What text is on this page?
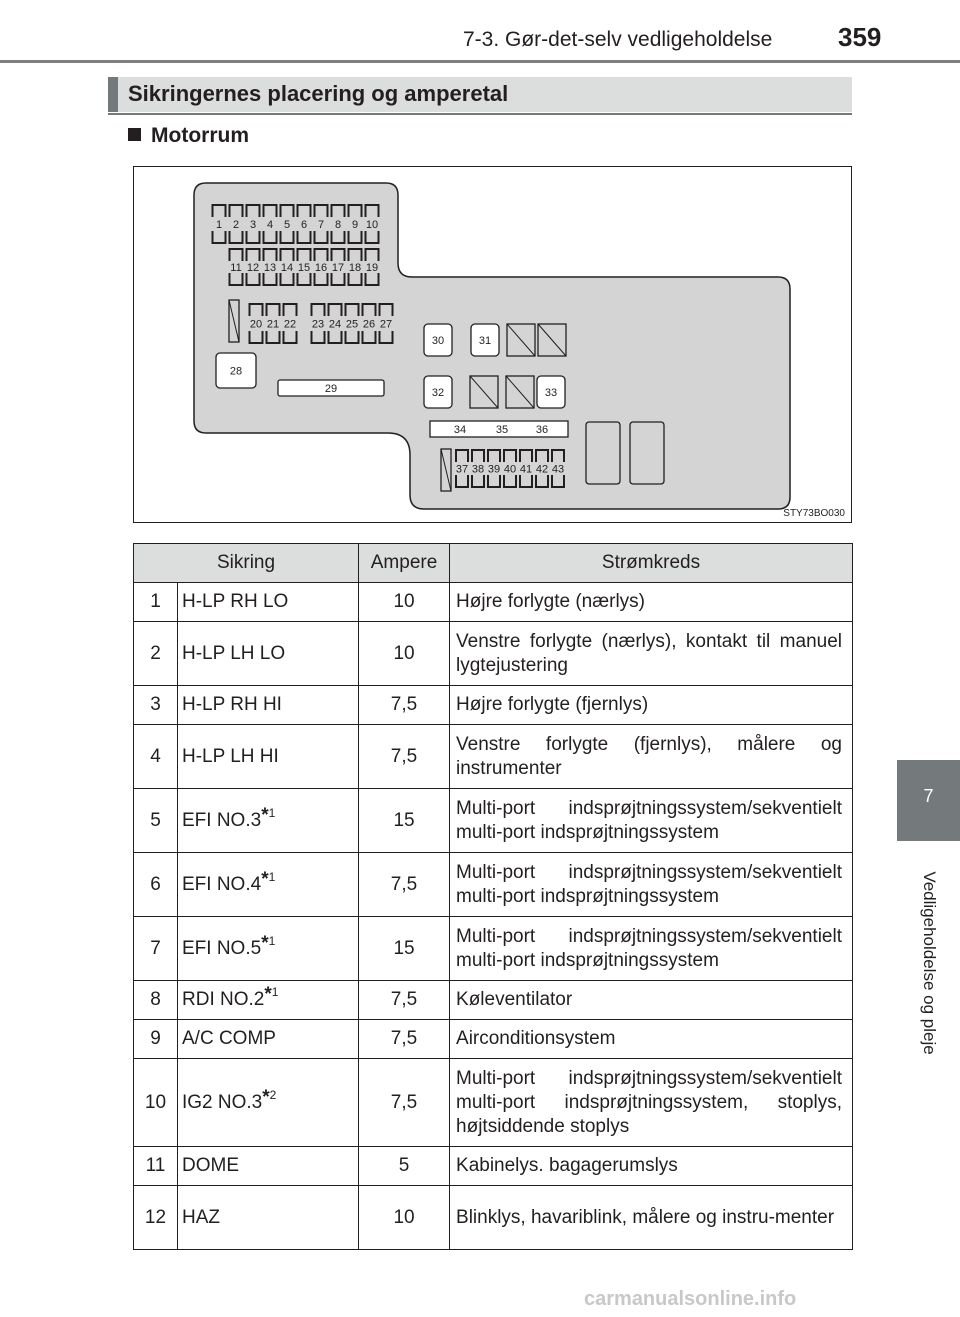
7-3. Gør-det-selv vedligeholdelse	359
7
Vedligeholdelse og pleje
Sikringernes placering og amperetal
Motorrum
1 2 3 4 5 6 7 8 9 10
11 12 13 14 15 16 17 18 19
20 21 22 23 24 25 26 27
28
29
30	31
32	33
34	35	36
37 38 39 40 41 42 43
STY73BO030
Sikring		Ampere	Strømkreds
1	H-LP RH LO	10	Højre forlygte (nærlys)
2	H-LP LH LO	10	Venstre forlygte (nærlys), kontakt til manuel lygtejustering
3	H-LP RH HI	7,5	Højre forlygte (fjernlys)
4	H-LP LH HI	7,5	Venstre forlygte (fjernlys), målere og instrumenter
5	EFI NO.3$^{*1}$	15	Multi-port indsprøjtningssystem/sekventielt multi-port indsprøjtningssystem
6	EFI NO.4$^{*1}$	7,5	Multi-port indsprøjtningssystem/sekventielt multi-port indsprøjtningssystem
7	EFI NO.5$^{*1}$	15	Multi-port indsprøjtningssystem/sekventielt multi-port indsprøjtningssystem
8	RDI NO.2$^{*1}$	7,5	Køleventilator
9	A/C COMP	7,5	Airconditionsystem
10	IG2 NO.3$^{*2}$	7,5	Multi-port indsprøjtningssystem/sekventielt multi-port indsprøjtningssystem, stoplys, højtsiddende stoplys
11	DOME	5	Kabinelys. bagagerumslys
12	HAZ	10	Blinklys, havariblink, målere og instru-menter
carmanualsonline.info
